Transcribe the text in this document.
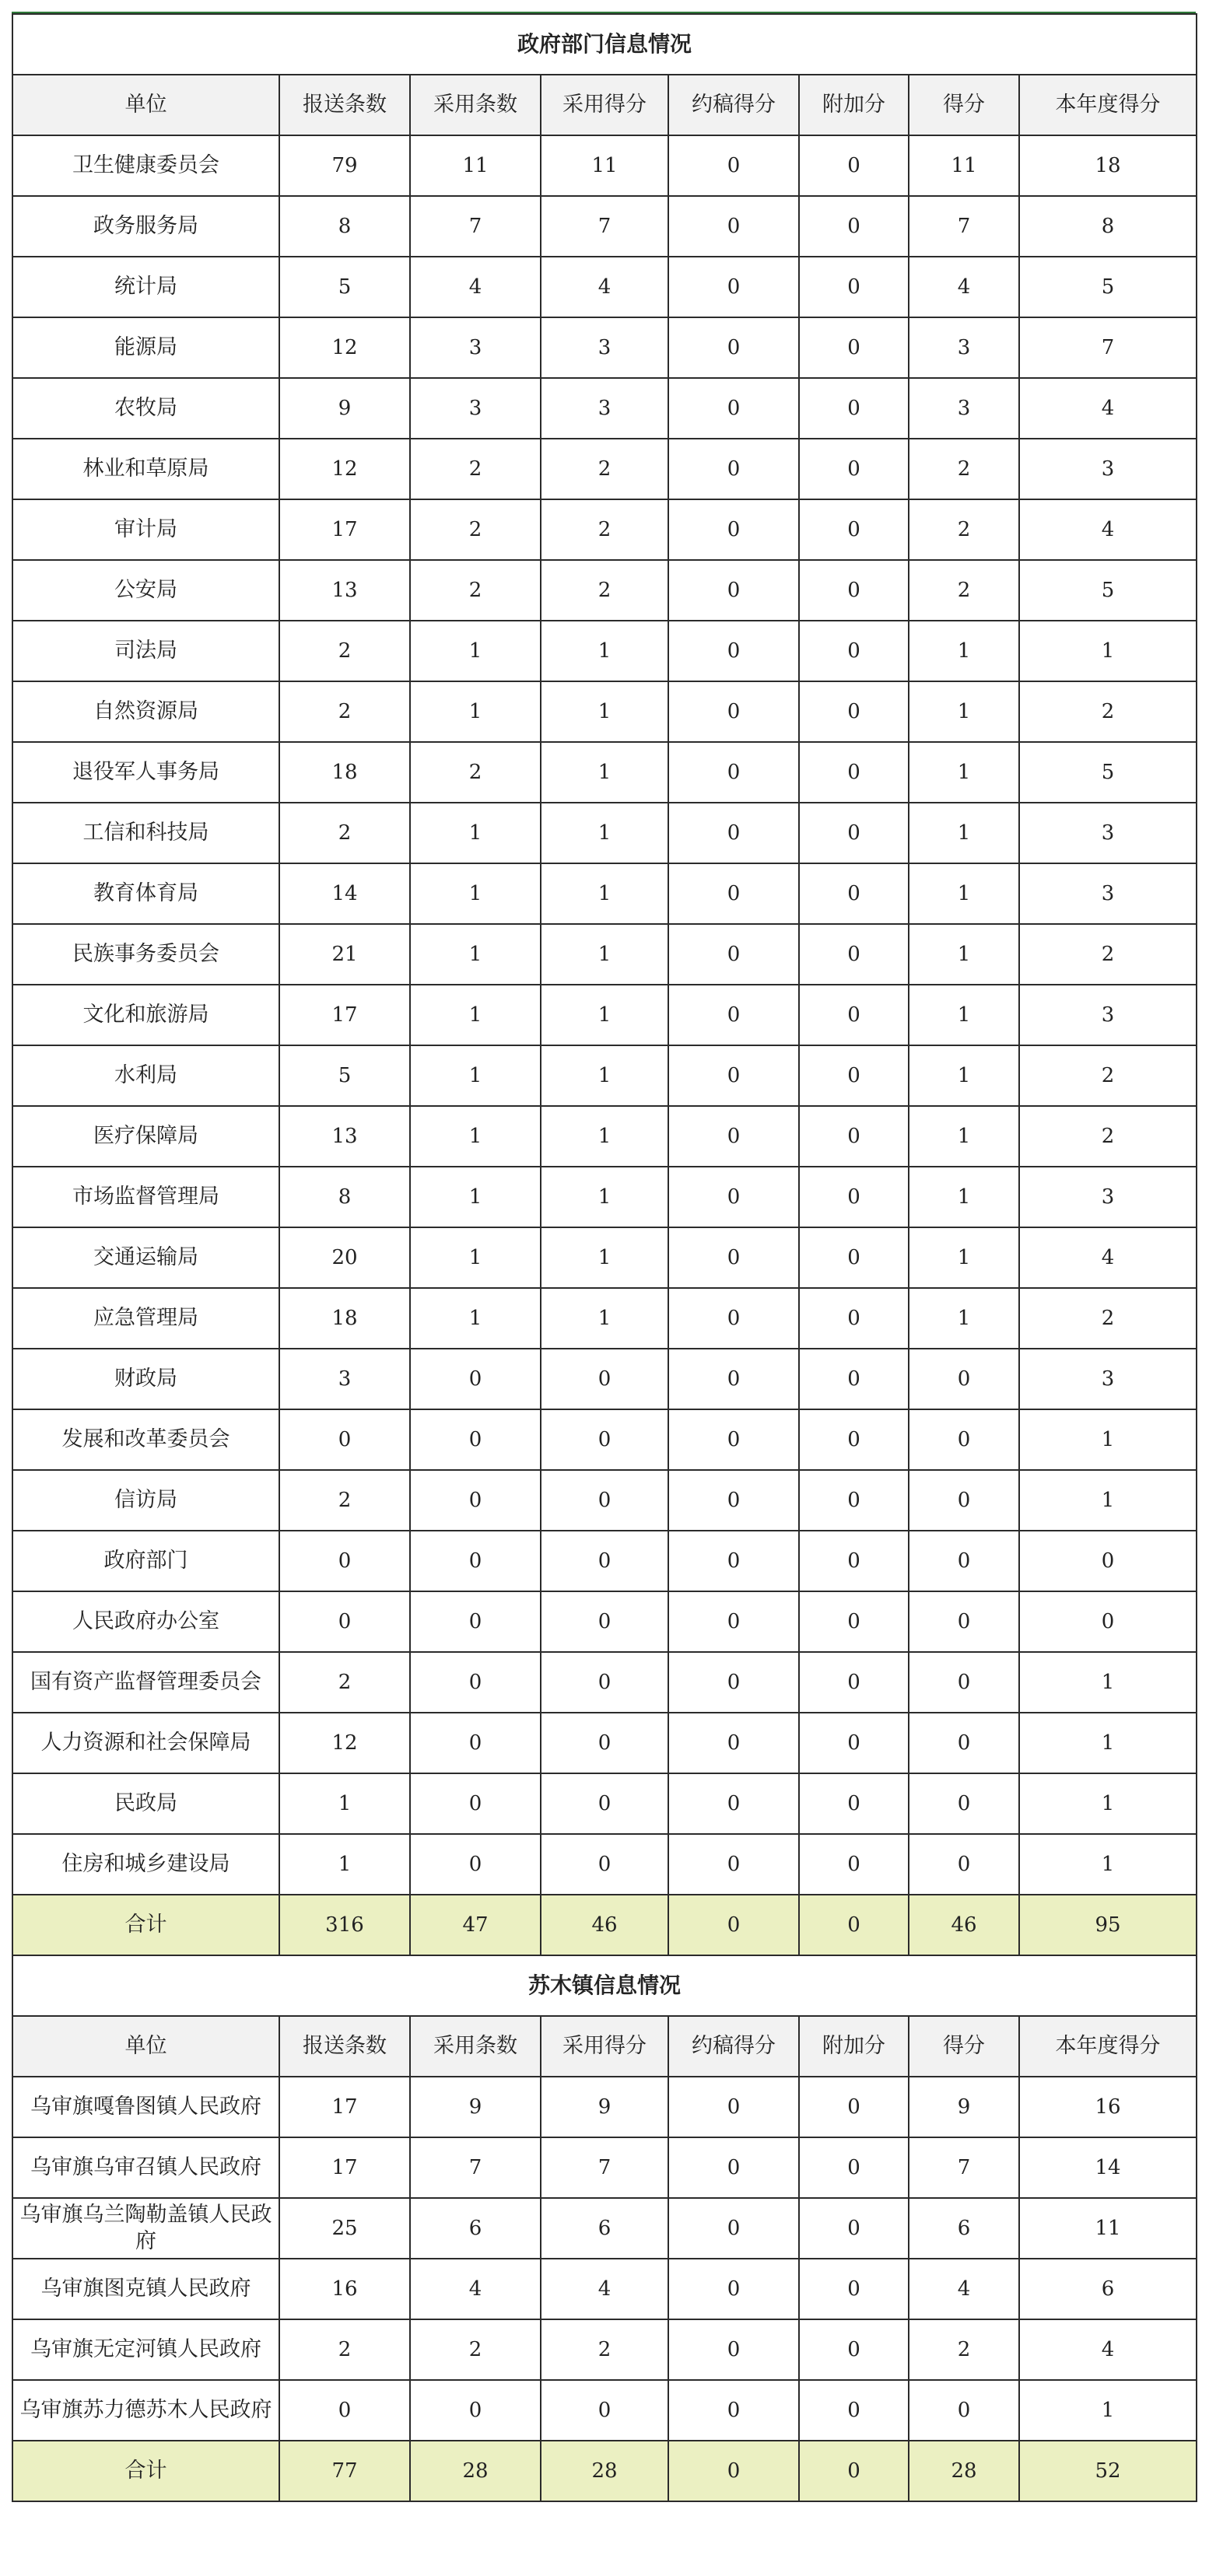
政府部门信息情况							
单位	报送条数	采用条数	采用得分	约稿得分	附加分	得分	本年度得分
卫生健康委员会	79	11	11	0	0	11	18
政务服务局	8	7	7	0	0	7	8
统计局	5	4	4	0	0	4	5
能源局	12	3	3	0	0	3	7
农牧局	9	3	3	0	0	3	4
林业和草原局	12	2	2	0	0	2	3
审计局	17	2	2	0	0	2	4
公安局	13	2	2	0	0	2	5
司法局	2	1	1	0	0	1	1
自然资源局	2	1	1	0	0	1	2
退役军人事务局	18	2	1	0	0	1	5
工信和科技局	2	1	1	0	0	1	3
教育体育局	14	1	1	0	0	1	3
民族事务委员会	21	1	1	0	0	1	2
文化和旅游局	17	1	1	0	0	1	3
水利局	5	1	1	0	0	1	2
医疗保障局	13	1	1	0	0	1	2
市场监督管理局	8	1	1	0	0	1	3
交通运输局	20	1	1	0	0	1	4
应急管理局	18	1	1	0	0	1	2
财政局	3	0	0	0	0	0	3
发展和改革委员会	0	0	0	0	0	0	1
信访局	2	0	0	0	0	0	1
政府部门	0	0	0	0	0	0	0
人民政府办公室	0	0	0	0	0	0	0
国有资产监督管理委员会	2	0	0	0	0	0	1
人力资源和社会保障局	12	0	0	0	0	0	1
民政局	1	0	0	0	0	0	1
住房和城乡建设局	1	0	0	0	0	0	1
合计	316	47	46	0	0	46	95
苏木镇信息情况							
单位	报送条数	采用条数	采用得分	约稿得分	附加分	得分	本年度得分
乌审旗嘎鲁图镇人民政府	17	9	9	0	0	9	16
乌审旗乌审召镇人民政府	17	7	7	0	0	7	14
乌审旗乌兰陶勒盖镇人民政府	25	6	6	0	0	6	11
乌审旗图克镇人民政府	16	4	4	0	0	4	6
乌审旗无定河镇人民政府	2	2	2	0	0	2	4
乌审旗苏力德苏木人民政府	0	0	0	0	0	0	1
合计	77	28	28	0	0	28	52
